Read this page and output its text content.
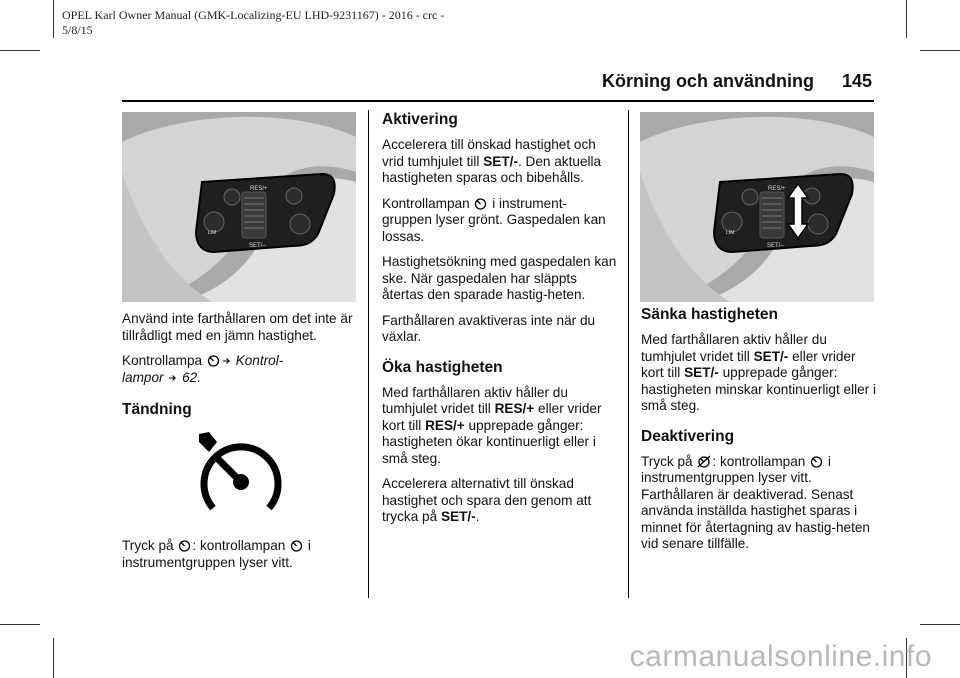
OPEL Karl Owner Manual (GMK-Localizing-EU LHD-9231167) - 2016 - crc -
5/8/15
Körning och användning 145
RES/+
SET/–
LIM

Använd inte farthållaren om det inte är tillrådligt med en jämn hastighet.

Kontrollampa Kontrol-
lampor 62.

Tändning

Tryck på : kontrollampan i
instrumentgruppen lyser vitt.

Aktivering

Accelerera till önskad hastighet och vrid tumhjulet till SET/-. Den aktuella hastigheten sparas och bibehålls.

Kontrollampan i instrument- gruppen lyser grönt. Gaspedalen kan lossas.

Hastighetsökning med gaspedalen kan ske. När gaspedalen har släppts återtas den sparade hastig-heten.

Farthållaren avaktiveras inte när du växlar.

Öka hastigheten

Med farthållaren aktiv håller du tumhjulet vridet till RES/+ eller vrider kort till RES/+ upprepade gånger: hastigheten ökar kontinuerligt eller i små steg.

Accelerera alternativt till önskad hastighet och spara den genom att trycka på SET/-.

RES/+
SET/–
LIM
Sänka hastigheten

Med farthållaren aktiv håller du tumhjulet vridet till SET/- eller vrider kort till SET/- upprepade gånger: hastigheten minskar kontinuerligt eller i små steg.

Deaktivering

Tryck på : kontrollampan i
instrumentgruppen lyser vitt. Farthållaren är deaktiverad. Senast använda inställda hastighet sparas i minnet för återtagning av hastig-heten vid senare tillfälle.

carmanualsonline.info
